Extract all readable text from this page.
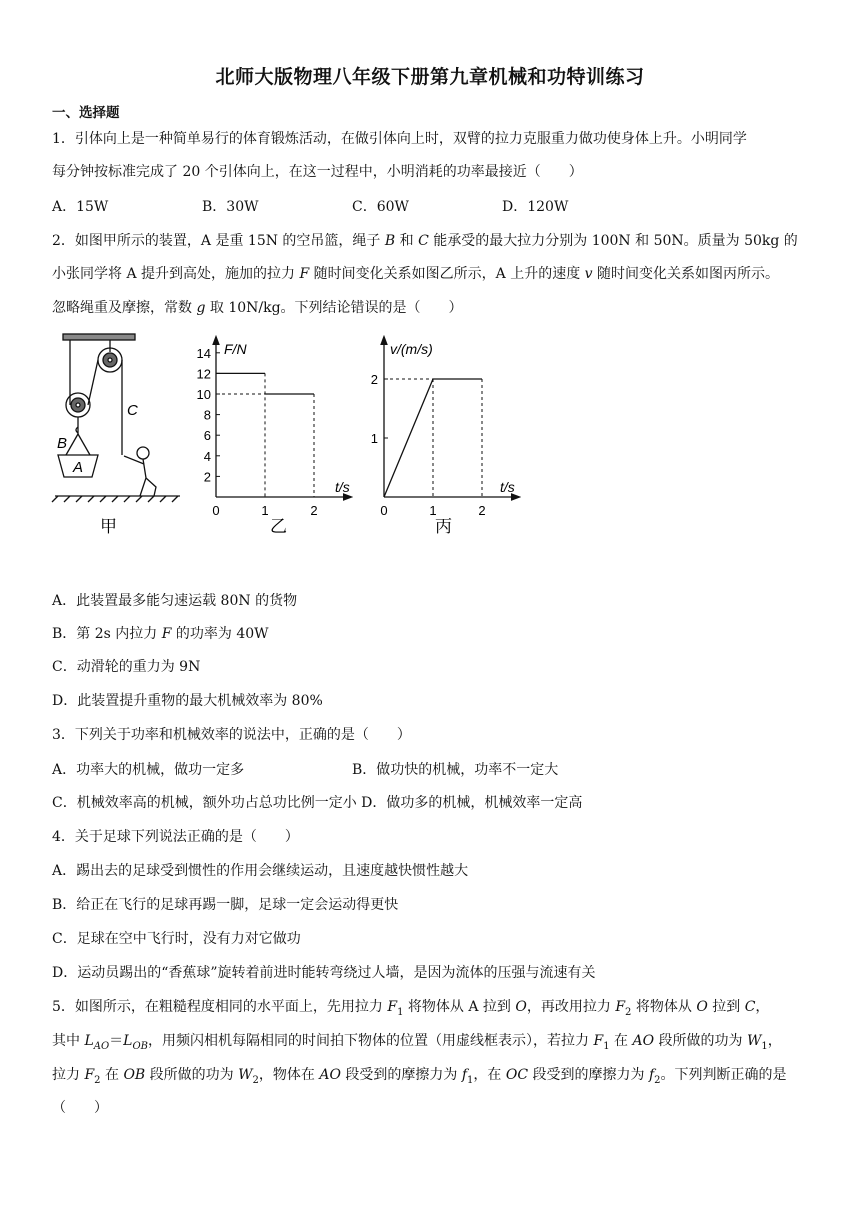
北师大版物理八年级下册第九章机械和功特训练习
一、选择题
1．引体向上是一种简单易行的体育锻炼活动，在做引体向上时，双臂的拉力克服重力做功使身体上升。小明同学
每分钟按标准完成了 20 个引体向上，在这一过程中，小明消耗的功率最接近（　　）
A．15W	B．30W	C．60W	D．120W
2．如图甲所示的装置，A 是重 15N 的空吊篮，绳子 B 和 C 能承受的最大拉力分别为 100N 和 50N。质量为 50kg 的
小张同学将 A 提升到高处，施加的拉力 F 随时间变化关系如图乙所示，A 上升的速度 v 随时间变化关系如图丙所示。
忽略绳重及摩擦，常数 g 取 10N/kg。下列结论错误的是（　　）
B
C
A
甲
14
12
10
8
6
4
2
0	1	2
F/N
t/s
乙
2
1
0	1	2
v/(m/s)
t/s
丙
A．此装置最多能匀速运载 80N 的货物
B．第 2s 内拉力 F 的功率为 40W
C．动滑轮的重力为 9N
D．此装置提升重物的最大机械效率为 80%
3．下列关于功率和机械效率的说法中，正确的是（　　）
A．功率大的机械，做功一定多	B．做功快的机械，功率不一定大
C．机械效率高的机械，额外功占总功比例一定小 D．做功多的机械，机械效率一定高
4．关于足球下列说法正确的是（　　）
A．踢出去的足球受到惯性的作用会继续运动，且速度越快惯性越大
B．给正在飞行的足球再踢一脚，足球一定会运动得更快
C．足球在空中飞行时，没有力对它做功
D．运动员踢出的“香蕉球”旋转着前进时能转弯绕过人墙，是因为流体的压强与流速有关
5．如图所示，在粗糙程度相同的水平面上，先用拉力 $F_1$ 将物体从 A 拉到 O，再改用拉力 $F_2$ 将物体从 O 拉到 C，
其中 $L_{AO}=L_{OB}$，用频闪相机每隔相同的时间拍下物体的位置（用虚线框表示），若拉力 $F_1$ 在 AO 段所做的功为 $W_1$，
拉力 $F_2$ 在 OB 段所做的功为 $W_2$，物体在 AO 段受到的摩擦力为 $f_1$，在 OC 段受到的摩擦力为 $f_2$。下列判断正确的是
（　　）
